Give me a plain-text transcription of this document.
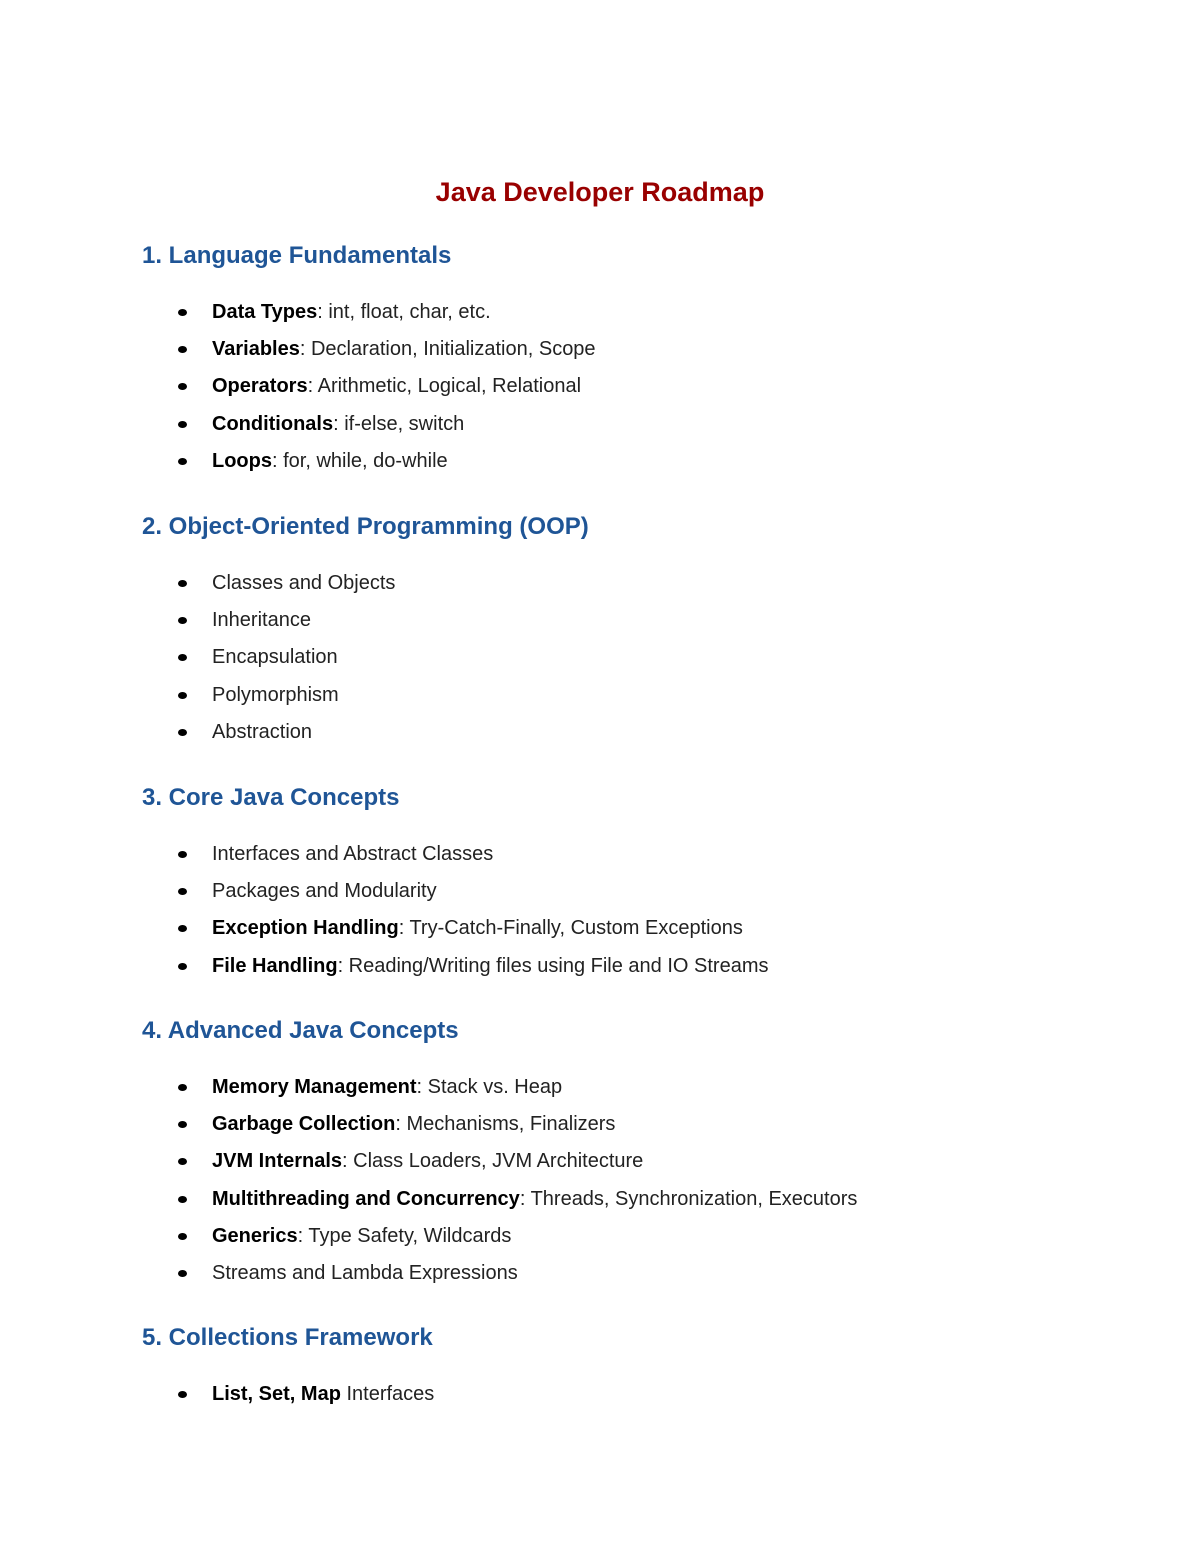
Java Developer Roadmap
1. Language Fundamentals
Data Types: int, float, char, etc.
Variables: Declaration, Initialization, Scope
Operators: Arithmetic, Logical, Relational
Conditionals: if-else, switch
Loops: for, while, do-while
2. Object-Oriented Programming (OOP)
Classes and Objects
Inheritance
Encapsulation
Polymorphism
Abstraction
3. Core Java Concepts
Interfaces and Abstract Classes
Packages and Modularity
Exception Handling: Try-Catch-Finally, Custom Exceptions
File Handling: Reading/Writing files using File and IO Streams
4. Advanced Java Concepts
Memory Management: Stack vs. Heap
Garbage Collection: Mechanisms, Finalizers
JVM Internals: Class Loaders, JVM Architecture
Multithreading and Concurrency: Threads, Synchronization, Executors
Generics: Type Safety, Wildcards
Streams and Lambda Expressions
5. Collections Framework
List, Set, Map Interfaces
